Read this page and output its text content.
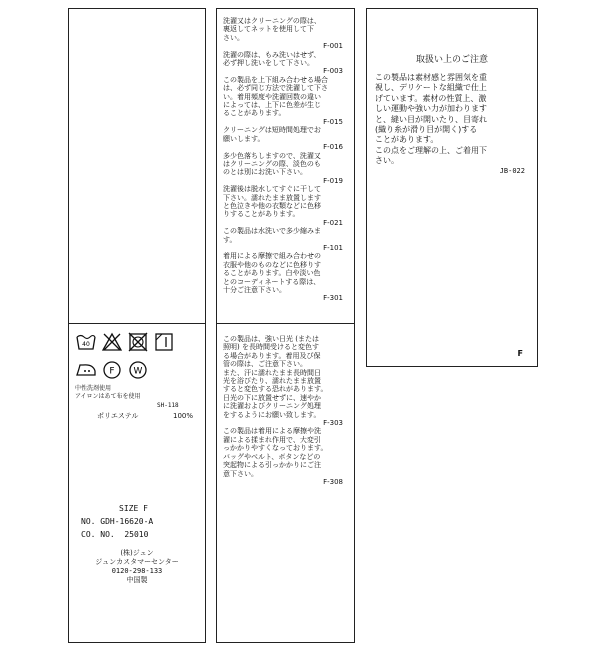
40
F W
中性洗剤使用
アイロンはあて布を使用
SH-118
ポリエステル	100%
SIZE F
NO. GDH-16620-A
CO. NO.  25010
(株)ジュン
ジュンカスタマーセンター
0120-298-133
中国製
洗濯又はクリーニングの際は、
裏返してネットを使用して下
さい。
F-001
洗濯の際は、もみ洗いはせず、
必ず押し洗いをして下さい。
F-003
この製品を上下組み合わせる場合
は、必ず同じ方法で洗濯して下さ
い。着用頻度や洗濯回数の違い
によっては、上下に色差が生じ
ることがあります。
F-015
クリーニングは短時間処理でお
願いします。
F-016
多少色落ちしますので、洗濯又
はクリーニングの際、淡色のも
のとは別にお洗い下さい。
F-019
洗濯後は脱水してすぐに干して
下さい。濡れたまま放置します
と色泣きや他の衣類などに色移
りすることがあります。
F-021
この製品は水洗いで多少縮みま
す。
F-101
着用による摩擦で組み合わせの
衣服や他のものなどに色移りす
ることがあります。白や淡い色
とのコーディネートする際は、
十分ご注意下さい。
F-301
この製品は、強い日光 (または
照明) を長時間受けると変色す
る場合があります。着用及び保
管の際は、ご注意下さい。
また、汗に濡れたまま長時間日
光を浴びたり、濡れたまま放置
すると変色する恐れがあります。
日光の下に放置せずに、速やか
に洗濯およびクリーニング処理
をするようにお願い致します。
F-303
この製品は着用による摩擦や洗
濯による揉まれ作用で、大変引
っかかりやすくなっております。
バッグやベルト、ボタンなどの
突起物による引っかかりにご注
意下さい。
F-308
取扱い上のご注意
この製品は素材感と雰囲気を重
視し、デリケートな組織で仕上
げています。素材の性質上、激
しい運動や強い力が加わります
と、縫い目が開いたり、目寄れ
(織り糸が滑り目が開く)する
ことがあります。
この点をご理解の上、ご着用下
さい。
JB-022
F
